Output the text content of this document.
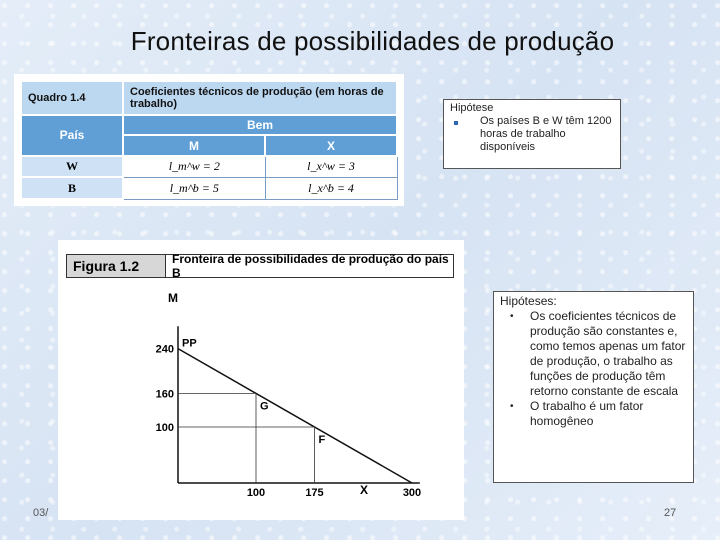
Fronteiras de possibilidades de produção
Quadro 1.4	Coeficientes técnicos de produção (em horas de trabalho)	
País	Bem	
	M	X
W	l_m^w = 2	l_x^w = 3
B	l_m^b = 5	l_x^b = 4
Hipótese
Os países B e W têm 1200 horas de trabalho disponíveis
Figura 1.2	Fronteira de possibilidades de produção do país B
M
X
PP
G
F
240
160
100
100	175	300
Hipóteses:
• Os coeficientes técnicos de produção são constantes e, como temos apenas um fator de produção, o trabalho as funções de produção têm retorno constante de escala
• O trabalho é um fator homogêneo
03/	27
